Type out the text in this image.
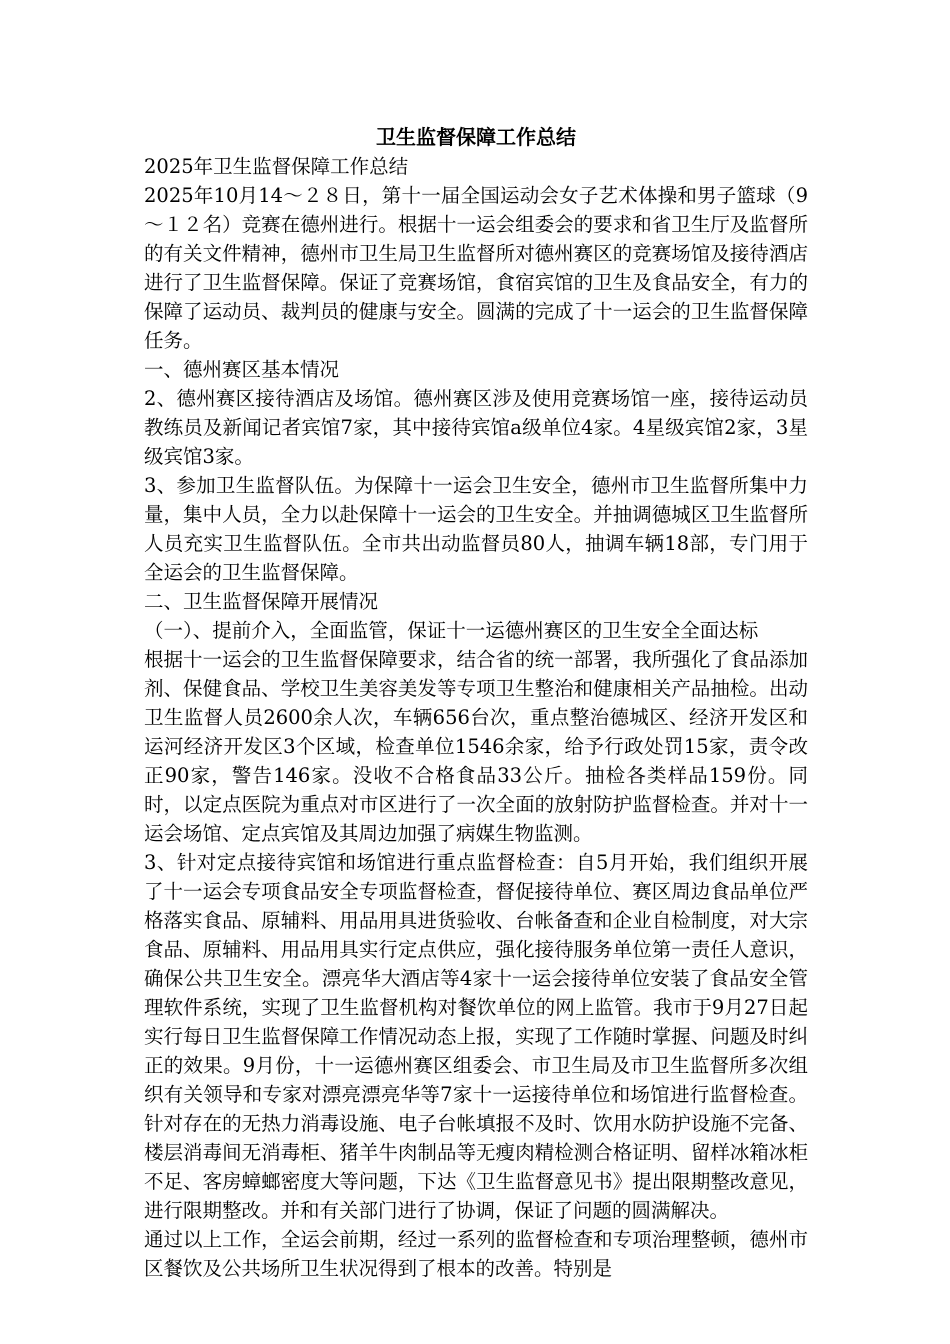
卫生监督保障工作总结

2025年卫生监督保障工作总结

2025年10月14～２８日，第十一届全国运动会女子艺术体操和男子篮球（9～１２名）竞赛在德州进行。根据十一运会组委会的要求和省卫生厅及监督所的有关文件精神，德州市卫生局卫生监督所对德州赛区的竞赛场馆及接待酒店进行了卫生监督保障。保证了竞赛场馆，食宿宾馆的卫生及食品安全，有力的保障了运动员、裁判员的健康与安全。圆满的完成了十一运会的卫生监督保障任务。

一、德州赛区基本情况

2、德州赛区接待酒店及场馆。德州赛区涉及使用竞赛场馆一座，接待运动员教练员及新闻记者宾馆7家，其中接待宾馆a级单位4家。4星级宾馆2家，3星级宾馆3家。

3、参加卫生监督队伍。为保障十一运会卫生安全，德州市卫生监督所集中力量，集中人员，全力以赴保障十一运会的卫生安全。并抽调德城区卫生监督所人员充实卫生监督队伍。全市共出动监督员80人，抽调车辆18部，专门用于全运会的卫生监督保障。

二、卫生监督保障开展情况

（一）、提前介入，全面监管，保证十一运德州赛区的卫生安全全面达标

根据十一运会的卫生监督保障要求，结合省的统一部署，我所强化了食品添加剂、保健食品、学校卫生美容美发等专项卫生整治和健康相关产品抽检。出动卫生监督人员2600余人次，车辆656台次，重点整治德城区、经济开发区和运河经济开发区3个区域，检查单位1546余家，给予行政处罚15家，责令改正90家，警告146家。没收不合格食品33公斤。抽检各类样品159份。同时，以定点医院为重点对市区进行了一次全面的放射防护监督检查。并对十一运会场馆、定点宾馆及其周边加强了病媒生物监测。

3、针对定点接待宾馆和场馆进行重点监督检查：自5月开始，我们组织开展了十一运会专项食品安全专项监督检查，督促接待单位、赛区周边食品单位严格落实食品、原辅料、用品用具进货验收、台帐备查和企业自检制度，对大宗食品、原辅料、用品用具实行定点供应，强化接待服务单位第一责任人意识，确保公共卫生安全。漂亮华大酒店等4家十一运会接待单位安装了食品安全管理软件系统，实现了卫生监督机构对餐饮单位的网上监管。我市于9月27日起实行每日卫生监督保障工作情况动态上报，实现了工作随时掌握、问题及时纠正的效果。9月份，十一运德州赛区组委会、市卫生局及市卫生监督所多次组织有关领导和专家对漂亮漂亮华等7家十一运接待单位和场馆进行监督检查。针对存在的无热力消毒设施、电子台帐填报不及时、饮用水防护设施不完备、楼层消毒间无消毒柜、猪羊牛肉制品等无瘦肉精检测合格证明、留样冰箱冰柜不足、客房蟑螂密度大等问题，下达《卫生监督意见书》提出限期整改意见，进行限期整改。并和有关部门进行了协调，保证了问题的圆满解决。

通过以上工作，全运会前期，经过一系列的监督检查和专项治理整顿，德州市区餐饮及公共场所卫生状况得到了根本的改善。特别是
